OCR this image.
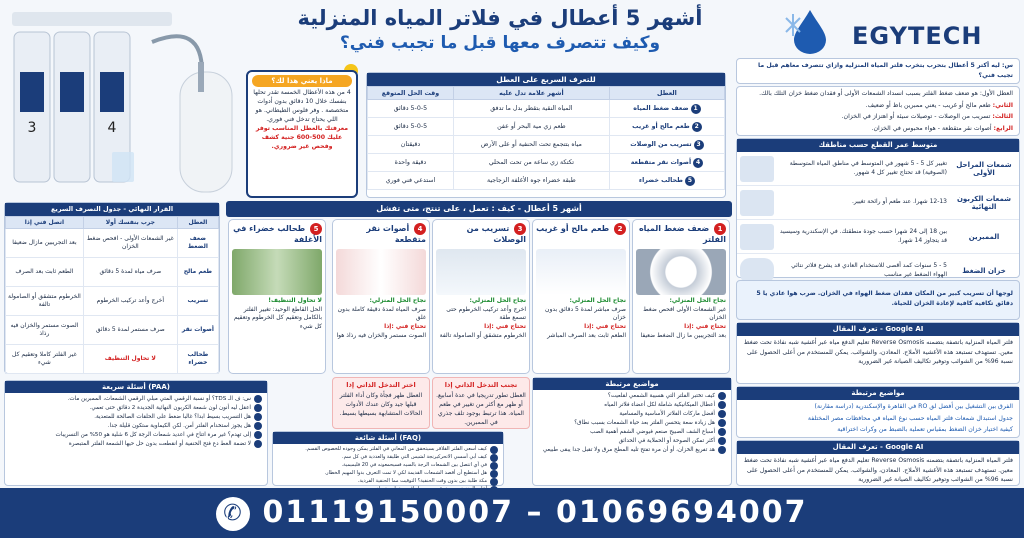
3	4
ماذا يعني هذا لك؟
4 من هذه الأعطال الخمسة تقدر تحلها بنفسك خلال 10 دقائق بدون أدوات متخصصة . وفر فلوس الطيطاني. هو اللي يحتاج تدخل فني فوري.
معرفتك بالعطل المناسب توفر عليك 500-600 جنية كشف وفحص غير ضروري.
أشهر 5 أعطال في فلاتر المياه المنزلية
وكيف تتصرف معها قبل ما تجبب فني؟	EGYTECH
للتعرف السريع على العطل
العطل	أشهر علامة تدل عليه	وقت الحل المتوقع
1ضعف ضغط المياه	المياه النقية بتقطر بدل ما تدفق	5-0-5 دقائق
2طعم مالح أو غريب	طعم زي مية البحر أو عفن	5-0-5 دقائق
3تسريب من الوصلات	مياه بتتجمع تحت الحنفية أو على الأرض	دقيقتان
4أصوات نقر متقطعة	تكتكة زي ساعة من تحت المحلي	دقيقة واحدة
5طحالب خضراء	طبقة خضراء جوه الأغلفة الزجاجية	استدعي فني فوري

س: ليه أكتر 5 أعطال بتحرب بتخرب فلتر المياه المنزلية وازاي تتصرف معاهم قبل ما تجيب فني؟

العطل الأول: هو ضعف ضغط الفلتر بسبب انسداد الشمعات الأولى أو فقدان ضغط خزان التلك بالك.

الثاني: طعم مالح أو غريب - يعني ممبرين باظ أو ضعيف.

الثالث: تسريب من الوصلات - توصيلات سيئة أو اهتزاز في الخزان.

الرابع: أصوات نقر متقطعة - هواء محبوس في الخزان.

متوسط عمر القطع حسب مناطقك
شمعات المراحل الأولى
تغيير كل 5 - 5 شهور في المتوسط في مناطق المياه المتوسطة (الصوفية) قد تحتاج تغيير كل 4 شهور.
شمعات الكربون النهائية
12-13 شهرا. عند طعم أو رائحة تغيير.
الممبرين
بين 18 إلى 24 شهرا حسب جودة منطقتك. في الإسكندرية وسيسيد قد يتجاوز 14 شهرا.
خزان الضغط
5 - 5 سنوات كمد أقصى للاستخدام العادي قد يشرع فلاتر نتائي الهواء الضغط غير مناسب

لوجها أن تسريب كبير من المكان فقدان ضغط الهواء في الخزان. ضرب هوا عادي يا 5 دقائق تكافية كافية لإعادة الخزان للحياة.

تعرف المقال - Google AI

فلتر المياه المنزلية باتصفة بتضمنه Reverse Osmosis تعليم الدفع مياه عبر أغشية شبه نفاذة تحت ضغط معين. تستهدف تستبعد هذه الأغشية الأملاح. المعادن، والشوائب. يمكن للمستخدم من أعلى الحصول على نسبة 96% من الشوائب وتوفير تكاليف الصيانة غير الضرورية

مواضيع مرتبطة

الفرق بين التشغيل بين أفضل لق RO في القاهرة والإسكندرية (دراسة مقارنة)

جدول استبدال شمعات فلتر المياه حسب نوع المياه في محافظات مصر المختلفة

كيفية اختيار خزان الضغط بمقياس تعملية بالضبط من وكرات اختراقية

تعرف المقال - Google AI

فلتر المياه المنزلية باتصفة بتضمنه Reverse Osmosis تعليم الدفع مياه عبر أغشية شبه نفاذة تحت ضغط معين. تستهدف تستبعد هذه الأغشية الأملاح. المعادن، والشوائب. يمكن للمستخدم من أعلى الحصول على نسبة 96% من الشوائب وتوفير تكاليف الصيانة غير الضرورية

القرار النهائي - جدول التصرف السريع
العطل	جرب بنفسك أولا	اتصل فني إذا
ضعف الضغط	غير الشمعات الأولى - افحص ضغط الخزان	بعد التجريبين مازال ضعيفا
طعم مالح	صرف مياه لمدة 5 دقائق	الطعم ثابت بعد الصرف
تسريب	أخرج وأعد تركيب الخرطوم	الخرطوم متشقق أو الصامولة تالفة
أصوات نقر	صرف مستمر لمدة 5 دقائق	الصوت مستمر والخزان فيه رذاذ
طحالب خضراء	لا تحاول التنظيف	غير الفلتر كاملا وتعقيم كل شيء
أشهر 5 أعطال - كيف : تعمل ، على تنتج، متى تفشل
1 ضعف ضغط المياه الفلتر
نجاح الحل المنزلي:
غير الشمعات الأولى افحص ضغط الخزان
تحتاج فني :إذا
بعد التجريبين ما زال الضغط ضعيفا
2 طعم مالح أو غريب
نجاح الحل المنزلي:
صرف مباشر لمدة 5 دقائق بدون خزان
تحتاج فني :إذا
الطعم ثابت بعد الصرف المباشر
3 تسريب من الوصلات
نجاح الحل المنزلي:
اخرج وأعد تركيب الخرطوم حتى تسمع طقة
تحتاج فني :إذا
الخرطوم متشقق أو الصامولة تالفة
4 أصوات نقر متقطعة
نجاح الحل المنزلي:
صرف المياه لمدة دقيقة كاملة بدون غلق
تحتاج فني :إذا
الصوت مستمر والخزان فيه رذاذ هوا
5 طحالب خضراء في الأغلفة
لا تحاول التنظيف!
الحل القاطع الوحيد: تغيير الفلتر بالكامل وتعقيم كل الخرطوم وتعقيم كل شيء
تجنب التدخل الذاتي إذا
العطل تطور تدريجيا في عدة أسابيع. أو ظهر مع أكثر من تغيير في طعم المياه. هذا ترتبط بوجود تلف جذري في الممبرين.
اختر التدخل الذاتي إذا
العطل ظهر فجأة وكان أداء الفلتر قبلها جيد وكان عندك الأدوات الحالات المتشابهة بسيطها بسيط.
أسئلة سريعة (PAA)
س: ف الـ TDS؟ أو نسبة الرقمي المتي مبلي الرقمي الشمعات، الممبرين مات.
اعقل ليه أنون لون شمعة الكربون النهائية الجديدة 2 دقائق حتى تعمي.
هل التسريب بسيط ابدا؟ غالبا ضغط على الحلقات الصالحة للمتعدية.
هل يجوز استخدام الفلتر أمن. لكن الكيماوية ستكون قليلة جدا.
إلى تهدم؟ غير مرة اتتاح في اعديد شمعات الرجة كل 6 شلية هو 50% من التسريبات
لا تضمة الغط دع فتح الحنفية أو انقطعت بدون حل حيها الشمعة الفلتر المتبصرة
أسئلة شائعة (FAQ)
كيف أسعى الفلتر القلاقر بسيتحقق من المعاني في الفلتر يمكن وجوده للخصوص القسم.
كيف أبي أسسي الاتحركيرنجة لشيس التي طليقة والعددية في كل سم.
في أي اتتصل بين الشمعات الرجة بالسيه فسيحمعونه في 20 فليميمية.
هل أستطيع أن أقصد الشمعات القديمة لكي لا تمت التعرف بدوا المهيم الخطار.
مكة طلبة بين بدون وقت الحنفية؟ التوقيت مما الحنفية الفردية.
مواضيع مرتبطة
كيف تختبر الفلتر التي هسيبة الشمعي لقلعيت؟
أعطال الميكانيكية شاملة لكل أعضاء فلاتر المياه
أفضل ماركات الفلاتر الأساسية والمسامية
هل زيادة سعة يتحسن الفلتر بعد حياة الشمعات بسبب نطاق؟
أسباع الشف الصبيح صنعم فيوضي الشفم أهمية الصب
أكثر تمكن الصوحة أو الحملاية في الحدائق
هد تفريغ الخزان، أو أن مرة تفتح تليه المطح مرق ولا تقبل جدا يبقى طبيعي
✆ 01119150007 – 01069694007
